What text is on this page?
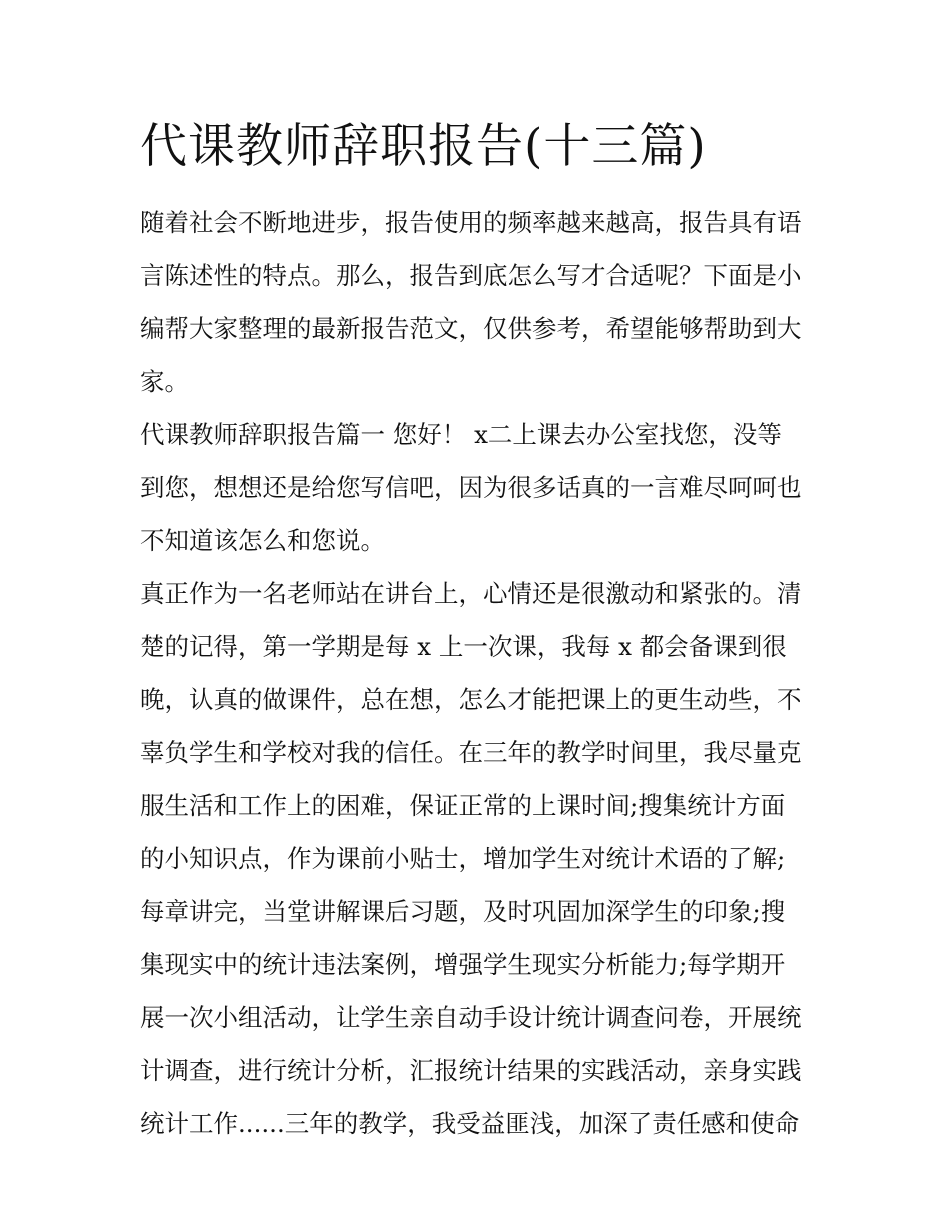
代课教师辞职报告(十三篇)
随着社会不断地进步，报告使用的频率越来越高，报告具有语
言陈述性的特点。那么，报告到底怎么写才合适呢？下面是小
编帮大家整理的最新报告范文，仅供参考，希望能够帮助到大
家。
代课教师辞职报告篇一 您好！ x二上课去办公室找您，没等
到您，想想还是给您写信吧，因为很多话真的一言难尽呵呵也
不知道该怎么和您说。
真正作为一名老师站在讲台上，心情还是很激动和紧张的。清
楚的记得，第一学期是每 x 上一次课，我每 x 都会备课到很
晚，认真的做课件，总在想，怎么才能把课上的更生动些，不
辜负学生和学校对我的信任。在三年的教学时间里，我尽量克
服生活和工作上的困难，保证正常的上课时间;搜集统计方面
的小知识点，作为课前小贴士，增加学生对统计术语的了解;
每章讲完，当堂讲解课后习题，及时巩固加深学生的印象;搜
集现实中的统计违法案例，增强学生现实分析能力;每学期开
展一次小组活动，让学生亲自动手设计统计调查问卷，开展统
计调查，进行统计分析，汇报统计结果的实践活动，亲身实践
统计工作......三年的教学，我受益匪浅，加深了责任感和使命
